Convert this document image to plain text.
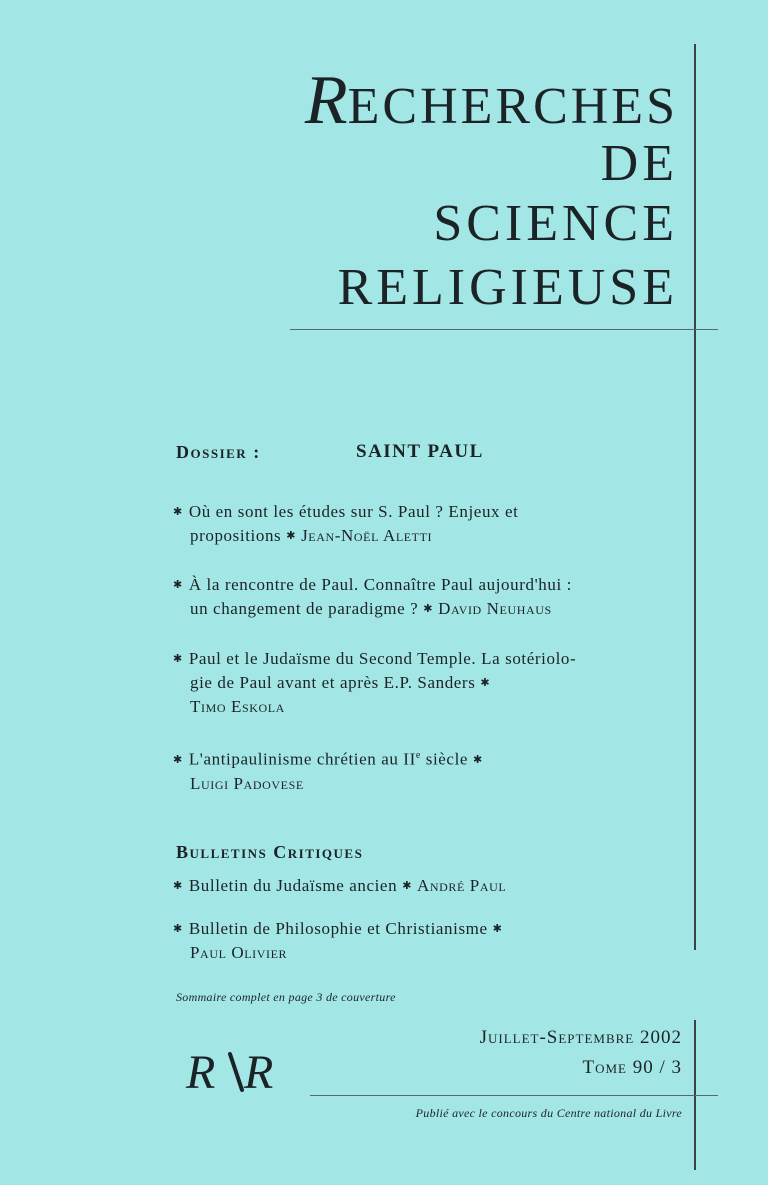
RECHERCHES
DE
SCIENCE
RELIGIEUSE
Dossier :	SAINT PAUL
✱ Où en sont les études sur S. Paul ? Enjeux et
propositions ✱ Jean-Noël Aletti
✱ À la rencontre de Paul. Connaître Paul aujourd'hui :
un changement de paradigme ? ✱ David Neuhaus
✱ Paul et le Judaïsme du Second Temple. La sotériolo-
gie de Paul avant et après E.P. Sanders ✱
Timo Eskola
✱ L'antipaulinisme chrétien au IIe siècle ✱
Luigi Padovese
Bulletins Critiques
✱ Bulletin du Judaïsme ancien ✱ André Paul
✱ Bulletin de Philosophie et Christianisme ✱
Paul Olivier
Sommaire complet en page 3 de couverture
Juillet-Septembre 2002
Tome 90 / 3
R R
Publié avec le concours du Centre national du Livre
